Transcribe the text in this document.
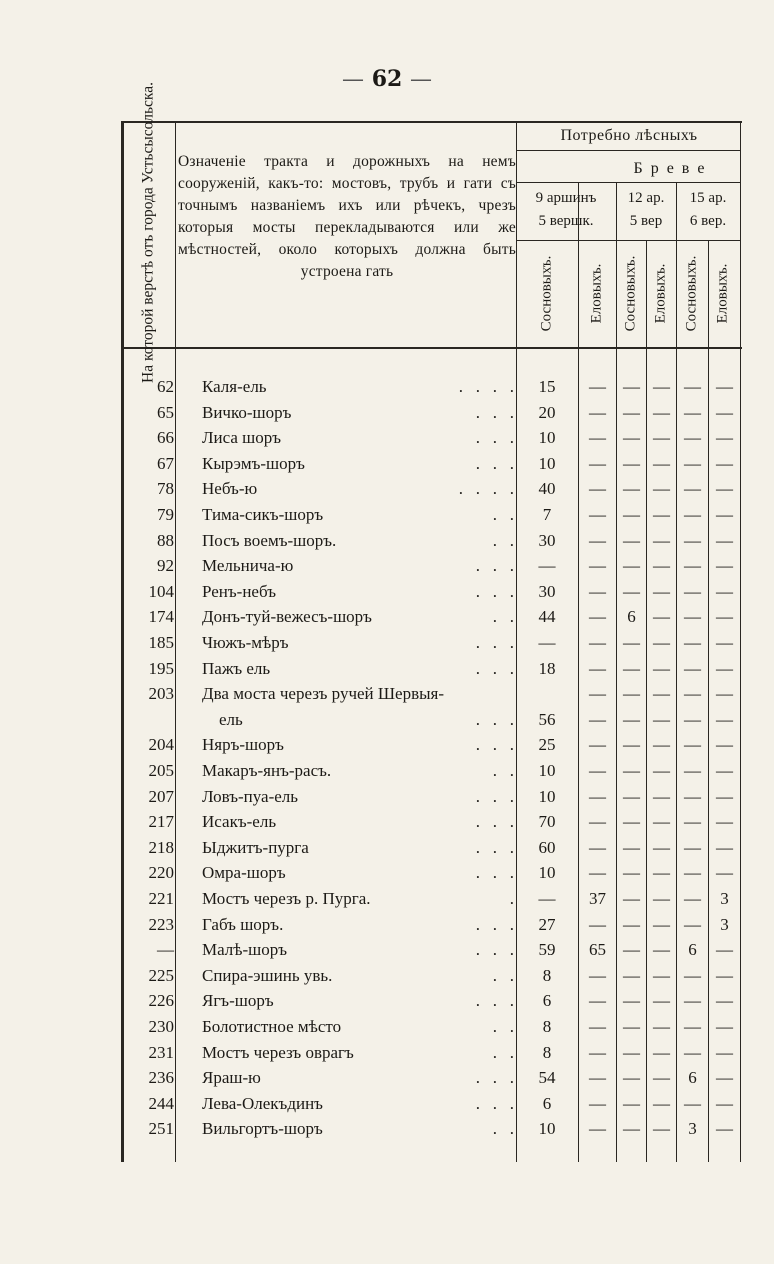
— 62 —
На которой верстѣ отъ города Устьсысольска. Означеніе тракта и дорожныхъ на немъ сооруженій, какъ-то: мостовъ, трубъ и гати съ точнымъ названіемъ ихъ или рѣчекъ, чрезъ которыя мосты перекладываются или же мѣстностей, около которыхъ должна быть устроена гать
Потребно лѣсныхъ
Б р е в е
9 аршинъ
5 вершк.
12 ар.
5 вер
15 ар.
6 вер.
Сосновыхъ. Еловыхъ. Сосновыхъ. Еловыхъ. Сосновыхъ. Еловыхъ.
62 Каля-ель	.   .   .   .	15	—	— — — —
65 Вичко-шоръ	.   .   .	20	—	— — — —
66 Лиса шоръ	.   .   .	10	—	— — — —
67 Кырэмъ-шоръ	.   .   .	10	—	— — — —
78 Небъ-ю	.   .   .   .	40	—	— — — —
79 Тима-сикъ-шоръ	.   .	7	—	— — — —
88 Посъ воемъ-шоръ.	.   .	30	—	— — — —
92 Мельнича-ю	.   .   .	—	—	— — — —
104 Ренъ-небъ	.   .   .	30	—	— — — —
174 Донъ-туй-вежесъ-шоръ	.   .	44	—	6	— — —
185 Чюжъ-мѣръ	.   .   .	—	—	— — — —
195 Пажъ ель	.   .   .	18	—	— — — —
203 Два моста черезъ ручей Шервыя-	—	— — — —
ель	.   .   .	56	—	— — — —
204 Няръ-шоръ	.   .   .	25	—	— — — —
205 Макаръ-янъ-расъ.	.   .	10	—	— — — —
207 Ловъ-пуа-ель	.   .   .	10	—	— — — —
217 Исакъ-ель	.   .   .	70	—	— — — —
218 Ыджитъ-пурга	.   .   .	60	—	— — — —
220 Омра-шоръ	.   .   .	10	—	— — — —
221 Мостъ черезъ р. Пурга.	.	—	37	— — —	3
223 Габъ шоръ.	.   .   .	27	—	— — —	3
— Малѣ-шоръ	.   .   .	59	65	— —	6	—
225 Спира-эшинь увь.	.   .	8	—	— — — —
226 Ягъ-шоръ	.   .   .	6	—	— — — —
230 Болотистное мѣсто	.   .	8	—	— — — —
231 Мостъ черезъ оврагъ	.   .	8	—	— — — —
236 Яраш-ю	.   .   .	54	—	— —	6	—
244 Лева-Олекъдинъ	.   .   .	6	—	— — — —
251 Вильгортъ-шоръ	.   .	10	—	— —	3	—
